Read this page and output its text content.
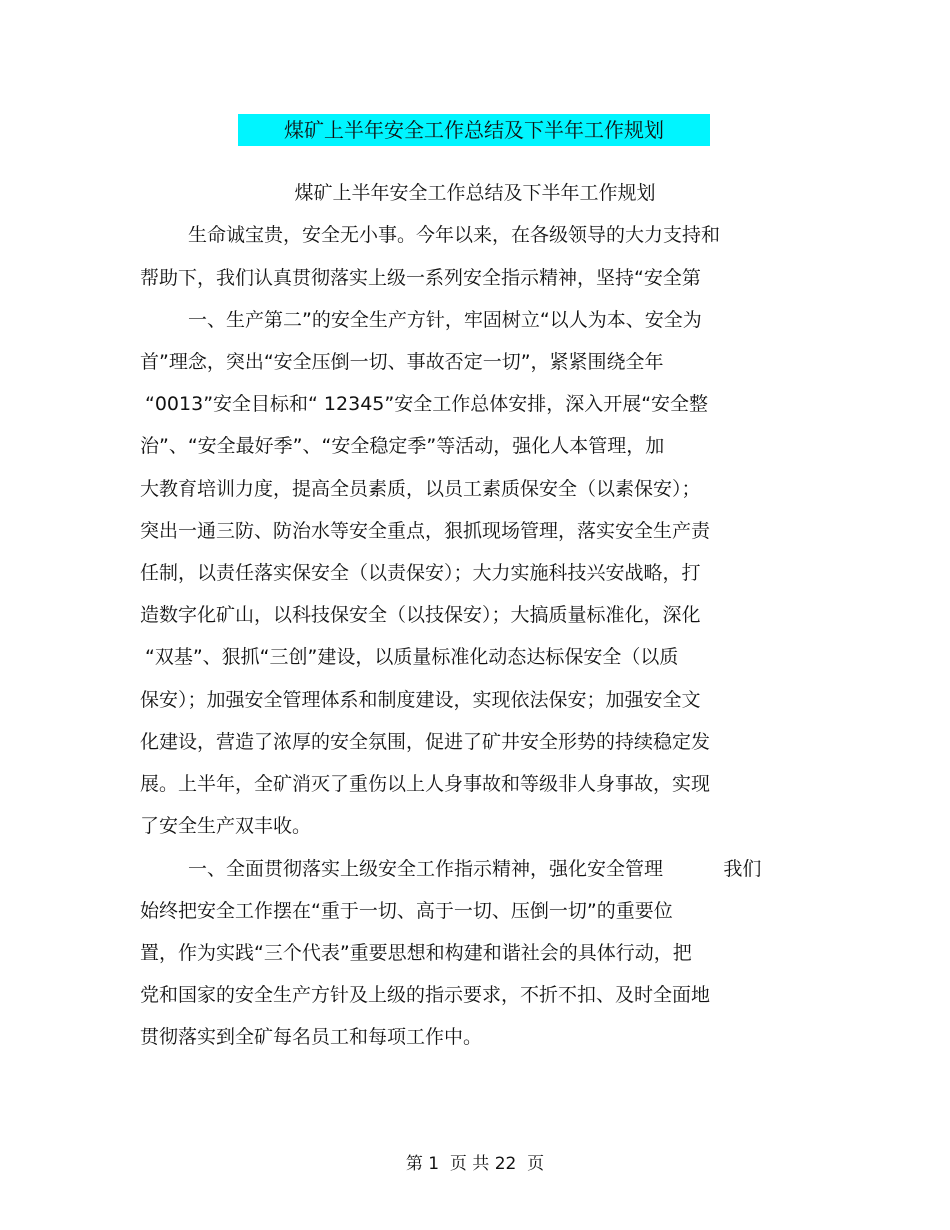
煤矿上半年安全工作总结及下半年工作规划
煤矿上半年安全工作总结及下半年工作规划
生命诚宝贵，安全无小事。今年以来，在各级领导的大力支持和
帮助下，我们认真贯彻落实上级一系列安全指示精神，坚持“安全第
一、生产第二”的安全生产方针，牢固树立“以人为本、安全为
首”理念，突出“安全压倒一切、事故否定一切”，紧紧围绕全年
“0013”安全目标和“ 12345”安全工作总体安排，深入开展“安全整
治”、“安全最好季”、“安全稳定季”等活动，强化人本管理，加
大教育培训力度，提高全员素质，以员工素质保安全（以素保安）；
突出一通三防、防治水等安全重点，狠抓现场管理，落实安全生产责
任制，以责任落实保安全（以责保安）；大力实施科技兴安战略，打
造数字化矿山，以科技保安全（以技保安）；大搞质量标准化，深化
“双基”、狠抓“三创”建设，以质量标准化动态达标保安全（以质
保安）；加强安全管理体系和制度建设，实现依法保安；加强安全文
化建设，营造了浓厚的安全氛围，促进了矿井安全形势的持续稳定发
展。上半年，全矿消灭了重伤以上人身事故和等级非人身事故，实现
了安全生产双丰收。
一、全面贯彻落实上级安全工作指示精神，强化安全管理          我们
始终把安全工作摆在“重于一切、高于一切、压倒一切”的重要位
置，作为实践“三个代表”重要思想和构建和谐社会的具体行动，把
党和国家的安全生产方针及上级的指示要求，不折不扣、及时全面地
贯彻落实到全矿每名员工和每项工作中。
第 1  页 共 22  页
